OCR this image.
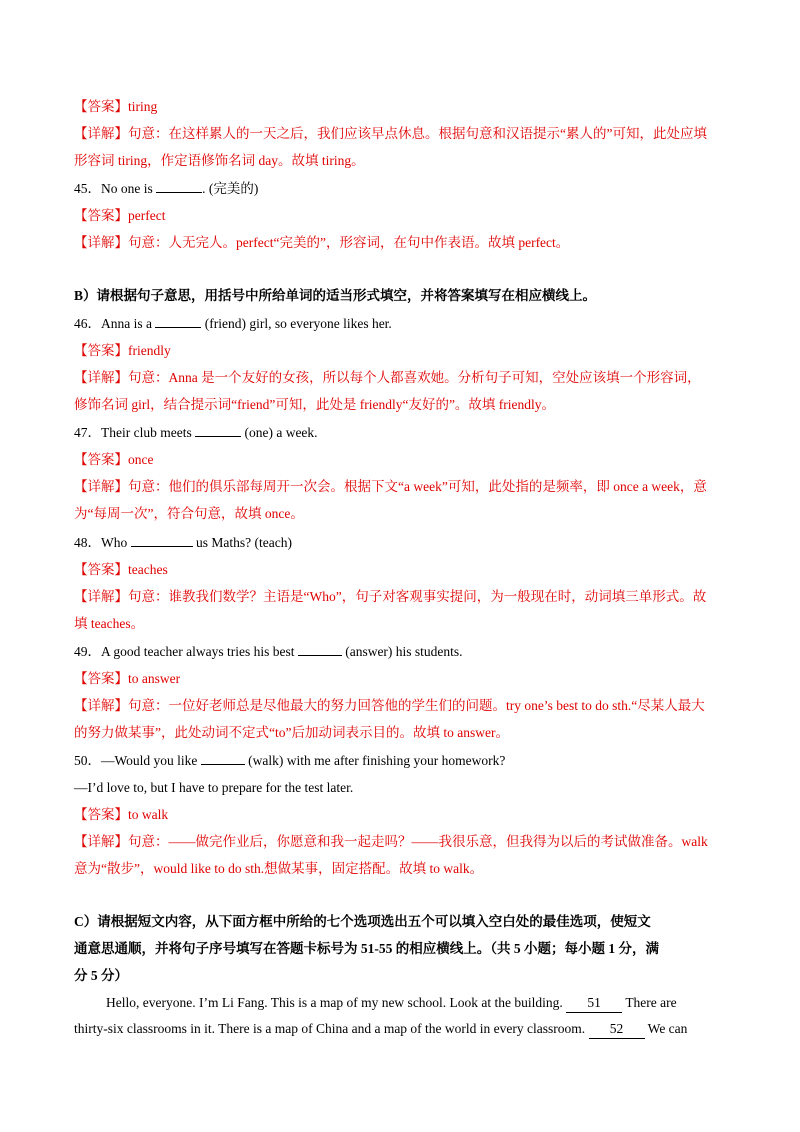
【答案】tiring
【详解】句意：在这样累人的一天之后，我们应该早点休息。根据句意和汉语提示“累人的”可知，此处应填
形容词 tiring，作定语修饰名词 day。故填 tiring。
45．No one is	. (完美的)
【答案】perfect
【详解】句意：人无完人。perfect“完美的”，形容词，在句中作表语。故填 perfect。
B）请根据句子意思，用括号中所给单词的适当形式填空，并将答案填写在相应横线上。
46．Anna is a	(friend) girl, so everyone likes her.
【答案】friendly
【详解】句意：Anna 是一个友好的女孩，所以每个人都喜欢她。分析句子可知，空处应该填一个形容词，
修饰名词 girl，结合提示词“friend”可知，此处是 friendly“友好的”。故填 friendly。
47．Their club meets	(one) a week.
【答案】once
【详解】句意：他们的俱乐部每周开一次会。根据下文“a week”可知，此处指的是频率，即 once a week，意
为“每周一次”，符合句意，故填 once。
48．Who	us Maths? (teach)
【答案】teaches
【详解】句意：谁教我们数学？主语是“Who”，句子对客观事实提问，为一般现在时，动词填三单形式。故
填 teaches。
49．A good teacher always tries his best	(answer) his students.
【答案】to answer
【详解】句意：一位好老师总是尽他最大的努力回答他的学生们的问题。try one’s best to do sth.“尽某人最大
的努力做某事”，此处动词不定式“to”后加动词表示目的。故填 to answer。
50．—Would you like	(walk) with me after finishing your homework?
—I’d love to, but I have to prepare for the test later.
【答案】to walk
【详解】句意：——做完作业后，你愿意和我一起走吗？——我很乐意，但我得为以后的考试做准备。walk
意为“散步”，would like to do sth.想做某事，固定搭配。故填 to walk。
C）请根据短文内容，从下面方框中所给的七个选项选出五个可以填入空白处的最佳选项，使短文
通意思通顺，并将句子序号填写在答题卡标号为 51-55 的相应横线上。（共 5 小题；每小题 1 分，满
分 5 分）
Hello, everyone. I’m Li Fang. This is a map of my new school. Look at the building. 51 There are
thirty-six classrooms in it. There is a map of China and a map of the world in every classroom. 52 We can
